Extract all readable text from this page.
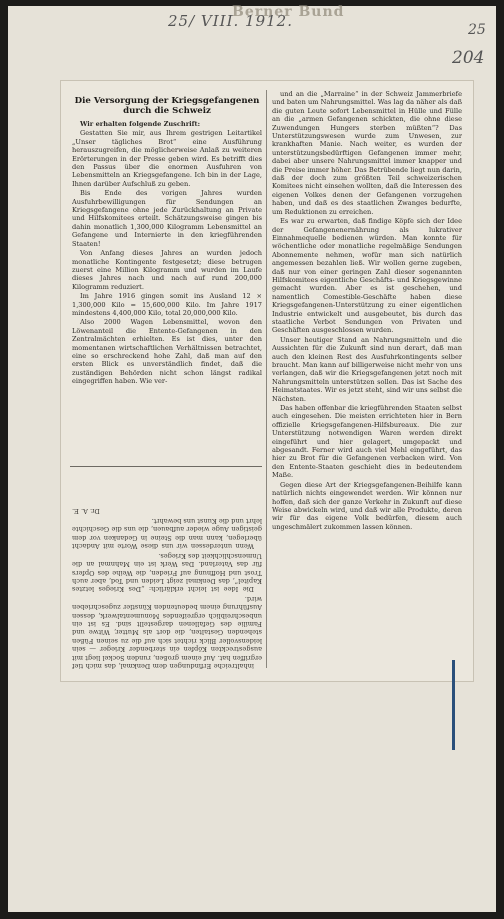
Berner Bund
25/ VIII. 1912.	25
204
Die Versorgung der Kriegsgefangenen durch die Schweiz

Wir erhalten folgende Zuschrift:

Gestatten Sie mir, aus Ihrem gestrigen Leitartikel „Unser tägliches Brot“ eine Ausführung herauszugreifen, die möglicherweise Anlaß zu weiteren Erörterungen in der Presse geben wird. Es betrifft dies den Passus über die enormen Ausfuhren von Lebensmitteln an Kriegsgefangene. Ich bin in der Lage, Ihnen darüber Aufschluß zu geben.

Bis Ende des vorigen Jahres wurden Ausfuhrbewilligungen für Sendungen an Kriegsgefangene ohne jede Zurückhaltung an Private und Hilfskomitees erteilt. Schätzungsweise gingen bis dahin monatlich 1,300,000 Kilogramm Lebensmittel an Gefangene und Internierte in den kriegführenden Staaten!

Von Anfang dieses Jahres an wurden jedoch monatliche Kontingente festgesetzt; diese betrugen zuerst eine Million Kilogramm und wurden im Laufe dieses Jahres nach und nach auf rund 200,000 Kilogramm reduziert.

Im Jahre 1916 gingen somit ins Ausland 12 × 1,300,000 Kilo = 15,600,000 Kilo. Im Jahre 1917 mindestens 4,400,000 Kilo, total 20,000,000 Kilo.

Also 2000 Wagen Lebensmittel, wovon den Löwenanteil die Entente-Gefangenen in den Zentralmächten erhielten. Es ist dies, unter den momentanen wirtschaftlichen Verhältnissen betrachtet, eine so erschreckend hohe Zahl, daß man auf den ersten Blick es unverständlich findet, daß die zuständigen Behörden nicht schon längst radikal eingegriffen haben. Wie ver-

inhaltreiche Erfindungen dem Denkmal, das mich tief ergriffen hat. Auf einem großen, runden Sockel liegt mit ausgestreckten Köpfen ein sterbender Krieger — sein leidensvoller Blick richtet sich auf die zu seinen Füßen stehenden Gestalten, die dort als Mutter, Witwe und Familie des Gefallenen dargestellt sind. Es ist ein unbeschreiblich ergreifendes Monumentalwerk, dessen Ausführung einem bedeutenden Künstler zugeschrieben wird.

Die Idee ist leicht erklärlich: „Des Krieges letztes Kapitel“, das Denkmal zeigt Leiden und Tod, aber auch Trost und Hoffnung auf Frieden, die Weihe des Opfers für das Vaterland. Das Werk ist ein Mahnmal an die Unmenschlichkeit des Krieges.

Wenn unterdessen wir uns diese Worte mit Andacht überlegen, kann man die Steine in Gedanken vor dem geistigen Auge wieder aufbauen, die uns die Geschichte lehrt und die Kunst uns bewahrt.

Dr. A. E.

und an die „Marraine“ in der Schweiz Jammerbriefe und baten um Nahrungsmittel. Was lag da näher als daß die guten Leute sofort Lebensmittel in Hülle und Fülle an die „armen Gefangenen schickten, die ohne diese Zuwendungen Hungers sterben müßten“? Das Unterstützungswesen wurde zum Unwesen, zur krankhaften Manie. Nach weiter, es wurden der unterstützungsbedürftigen Gefangenen immer mehr, dabei aber unsere Nahrungsmittel immer knapper und die Preise immer höher. Das Betrübende liegt nun darin, daß der doch zum größten Teil schweizerischen Komitees nicht einsehen wollten, daß die Interessen des eigenen Volkes denen der Gefangenen vorzugehen haben, und daß es des staatlichen Zwanges bedurfte, um Reduktionen zu erreichen.

Es war zu erwarten, daß findige Köpfe sich der Idee der Gefangenenernährung als lukrativer Einnahmequelle bedienen würden. Man konnte für wöchentliche oder monatliche regelmäßige Sendungen Abonnemente nehmen, wofür man sich natürlich angemessen bezahlen ließ. Wir wollen gerne zugeben, daß nur von einer geringen Zahl dieser sogenannten Hilfskomitees eigentliche Geschäfts- und Kriegsgewinne gemacht wurden. Aber es ist geschehen, und namentlich Comestible-Geschäfte haben diese Kriegsgefangenen-Unterstützung zu einer eigentlichen Industrie entwickelt und ausgebeutet, bis durch das staatliche Verbot Sendungen von Privaten und Geschäften ausgeschlossen wurden.

Unser heutiger Stand an Nahrungsmitteln und die Aussichten für die Zukunft sind nun derart, daß man auch den kleinen Rest des Ausfuhrkontingents selber braucht. Man kann auf billigerweise nicht mehr von uns verlangen, daß wir die Kriegsgefangenen jetzt noch mit Nahrungsmitteln unterstützen sollen. Das ist Sache des Heimatstaates. Wir es jetzt steht, sind wir uns selbst die Nächsten.

Das haben offenbar die kriegführenden Staaten selbst auch eingesehen. Die meisten errichteten hier in Bern offizielle Kriegsgefangenen-Hilfsbureaux. Die zur Unterstützung notwendigen Waren werden direkt eingeführt und hier gelagert, umgepackt und abgesandt. Ferner wird auch viel Mehl eingeführt, das hier zu Brot für die Gefangenen verbacken wird. Von den Entente-Staaten geschieht dies in bedeutendem Maße.

Gegen diese Art der Kriegsgefangenen-Beihilfe kann natürlich nichts eingewendet werden. Wir können nur hoffen, daß sich der ganze Verkehr in Zukunft auf diese Weise abwickeln wird, und daß wir alle Produkte, deren wir für das eigene Volk bedürfen, diesem auch ungeschmälert zukommen lassen können.
